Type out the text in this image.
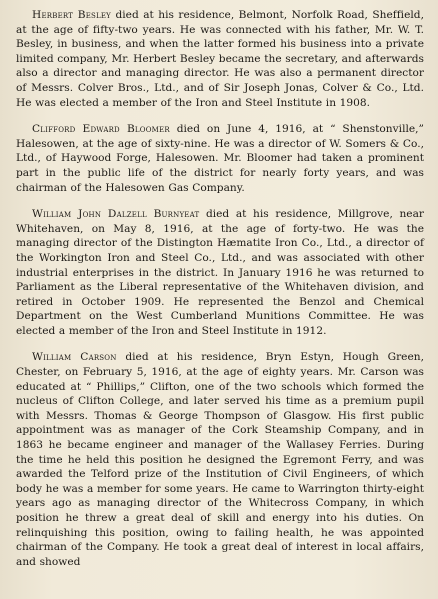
Herbert Besley died at his residence, Belmont, Norfolk Road, Sheffield, at the age of fifty-two years. He was connected with his father, Mr. W. T. Besley, in business, and when the latter formed his business into a private limited company, Mr. Herbert Besley became the secretary, and afterwards also a director and managing director. He was also a permanent director of Messrs. Colver Bros., Ltd., and of Sir Joseph Jonas, Colver & Co., Ltd. He was elected a member of the Iron and Steel Institute in 1908.

Clifford Edward Bloomer died on June 4, 1916, at “ Shenstonville,” Halesowen, at the age of sixty-nine. He was a director of W. Somers & Co., Ltd., of Haywood Forge, Halesowen. Mr. Bloomer had taken a prominent part in the public life of the district for nearly forty years, and was chairman of the Halesowen Gas Company.

William John Dalzell Burnyeat died at his residence, Millgrove, near Whitehaven, on May 8, 1916, at the age of forty-two. He was the managing director of the Distington Hæmatite Iron Co., Ltd., a director of the Workington Iron and Steel Co., Ltd., and was associated with other industrial enterprises in the district. In January 1916 he was returned to Parliament as the Liberal representative of the Whitehaven division, and retired in October 1909. He represented the Benzol and Chemical Department on the West Cumberland Munitions Committee. He was elected a member of the Iron and Steel Institute in 1912.

William Carson died at his residence, Bryn Estyn, Hough Green, Chester, on February 5, 1916, at the age of eighty years. Mr. Carson was educated at “ Phillips,” Clifton, one of the two schools which formed the nucleus of Clifton College, and later served his time as a premium pupil with Messrs. Thomas & George Thompson of Glasgow. His first public appointment was as manager of the Cork Steamship Company, and in 1863 he became engineer and manager of the Wallasey Ferries. During the time he held this position he designed the Egremont Ferry, and was awarded the Telford prize of the Institution of Civil Engineers, of which body he was a member for some years. He came to Warrington thirty-eight years ago as managing director of the Whitecross Company, in which position he threw a great deal of skill and energy into his duties. On relinquishing this position, owing to failing health, he was appointed chairman of the Company. He took a great deal of interest in local affairs, and showed
